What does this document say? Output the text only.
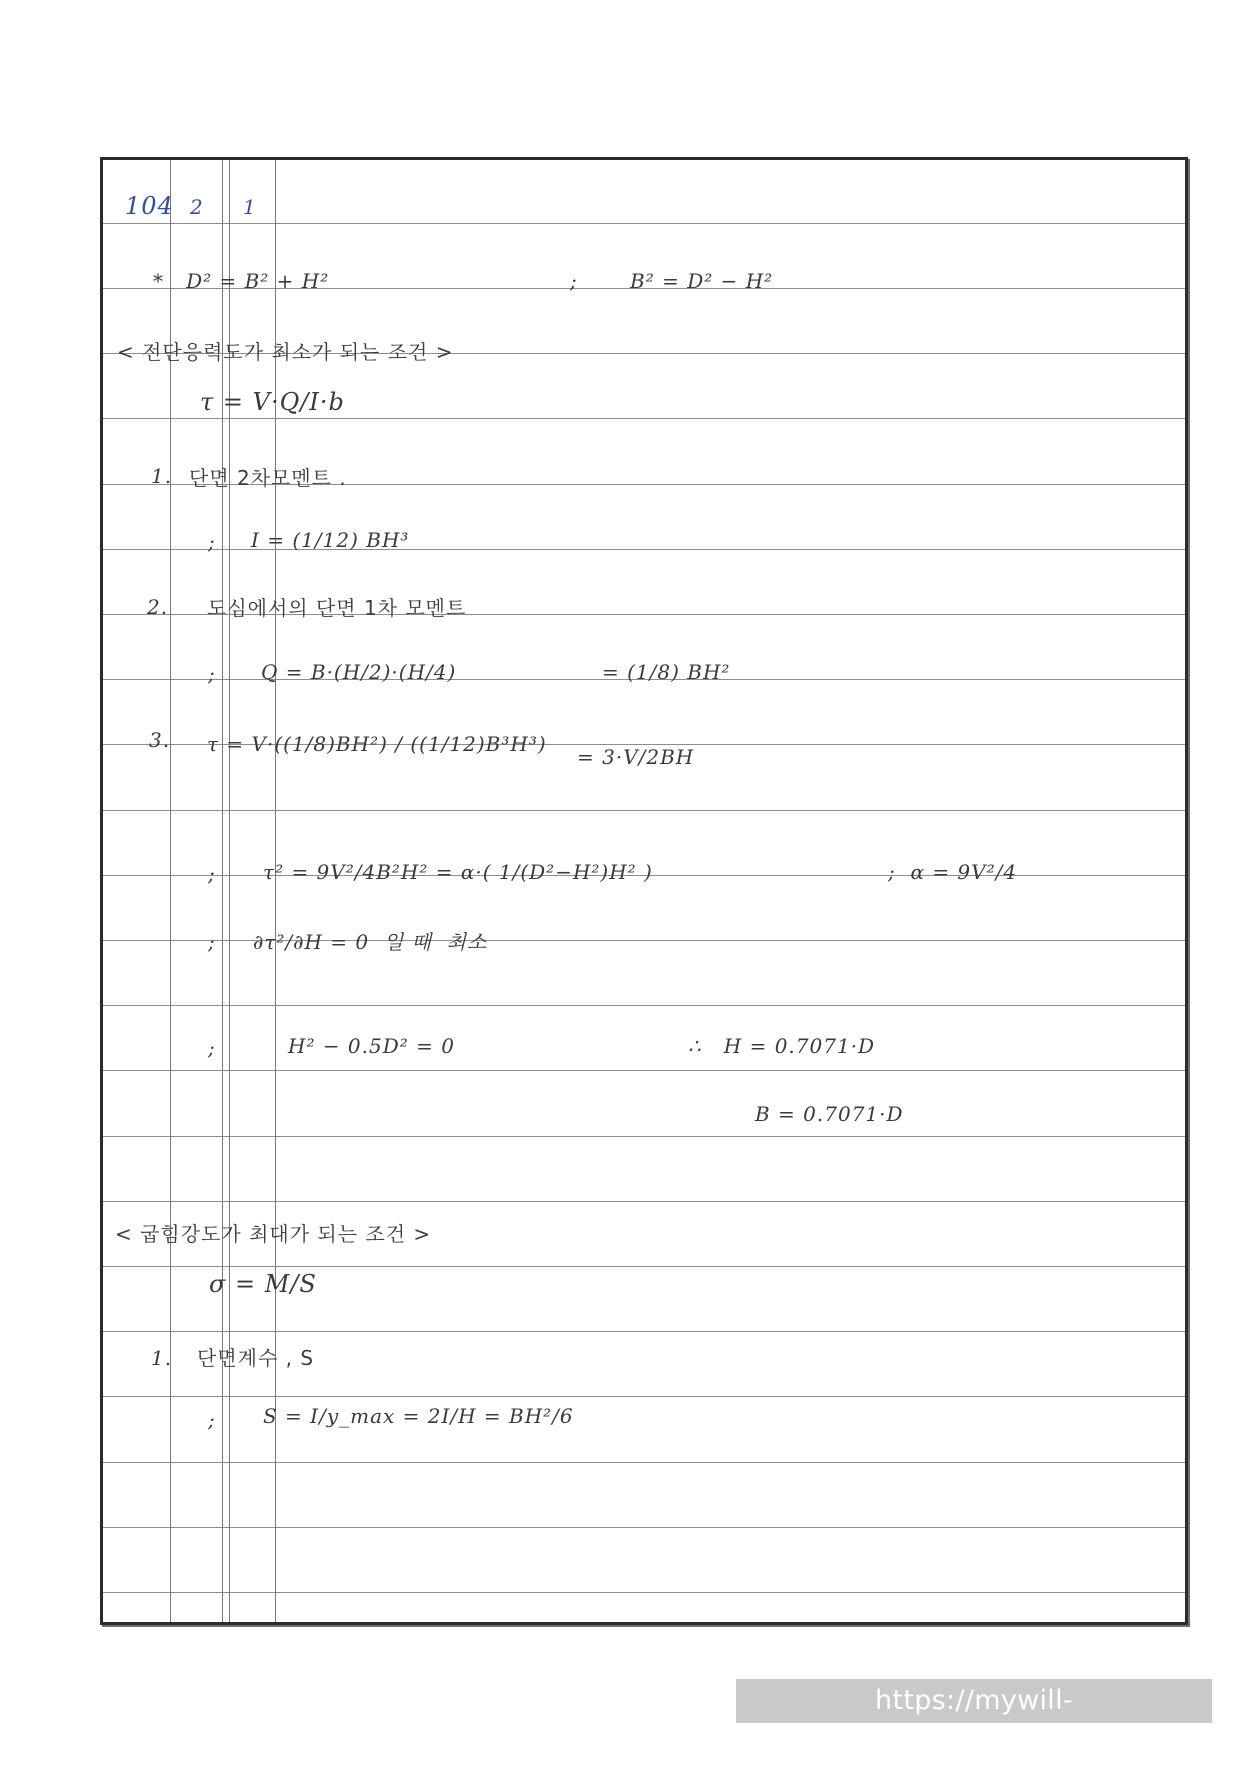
104 2 1
*   D² = B² + H²	;	B² = D² − H²
< 전단응력도가 최소가 되는 조건 >
τ = V·Q/I·b
1. 단면 2차모멘트 .
; I = (1/12) BH³
2. 도심에서의 단면 1차 모멘트
; Q = B·(H/2)·(H/4)	= (1/8) BH²
3. τ = V·((1/8)BH²) / ((1/12)B³H³)
= 3·V/2BH
; τ² = 9V²/4B²H² = α·( 1/(D²−H²)H² )	;  α = 9V²/4
; ∂τ²/∂H = 0  일 때  최소
;	H² − 0.5D² = 0	∴   H = 0.7071·D
B = 0.7071·D
< 굽힘강도가 최대가 되는 조건 >
σ = M/S
1. 단면계수 , S
; S = I/y_max = 2I/H = BH²/6
https://mywill-engineer.tistory.com
